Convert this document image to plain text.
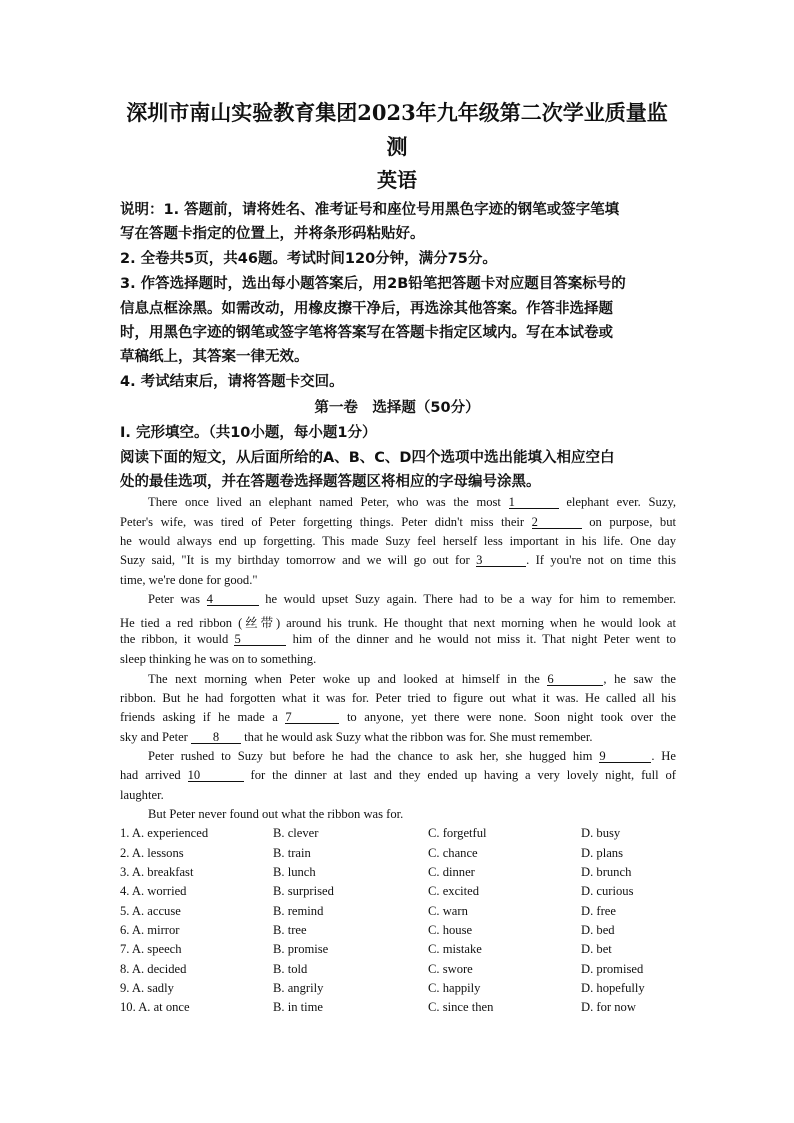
深圳市南山实验教育集团2023年九年级第二次学业质量监
测
英语
说明：1. 答题前，请将姓名、准考证号和座位号用黑色字迹的钢笔或签字笔填
写在答题卡指定的位置上，并将条形码粘贴好。
2. 全卷共5页，共46题。考试时间120分钟，满分75分。
3. 作答选择题时，选出每小题答案后，用2B铅笔把答题卡对应题目答案标号的
信息点框涂黑。如需改动，用橡皮擦干净后，再选涂其他答案。作答非选择题
时，用黑色字迹的钢笔或签字笔将答案写在答题卡指定区域内。写在本试卷或
草稿纸上，其答案一律无效。
4. 考试结束后，请将答题卡交回。
第一卷　选择题（50分）
Ⅰ. 完形填空。（共10小题，每小题1分）
阅读下面的短文，从后面所给的A、B、C、D四个选项中选出能填入相应空白
处的最佳选项，并在答题卷选择题答题区将相应的字母编号涂黑。
There once lived an elephant named Peter, who was the most 1	elephant ever. Suzy,
Peter's wife, was tired of Peter forgetting things. Peter didn't miss their 2	on purpose, but
he would always end up forgetting. This made Suzy feel herself less important in his life. One day
Suzy said, "It is my birthday tomorrow and we will go out for 3	. If you're not on time this
time, we're done for good."
Peter was 4	he would upset Suzy again. There had to be a way for him to remember.
He tied a red ribbon (丝带) around his trunk. He thought that next morning when he would look at
the ribbon, it would 5	him of the dinner and he would not miss it. That night Peter went to
sleep thinking he was on to something.
The next morning when Peter woke up and looked at himself in the 6	, he saw the
ribbon. But he had forgotten what it was for. Peter tried to figure out what it was. He called all his
friends asking if he made a 7	to anyone, yet there were none. Soon night took over the
sky and Peter 8 that he would ask Suzy what the ribbon was for. She must remember.
Peter rushed to Suzy but before he had the chance to ask her, she hugged him 9	. He
had arrived 10	for the dinner at last and they ended up having a very lovely night, full of
laughter.
But Peter never found out what the ribbon was for.
1. A. experienced	B. clever	C. forgetful	D. busy
2. A. lessons	B. train	C. chance	D. plans
3. A. breakfast	B. lunch	C. dinner	D. brunch
4. A. worried	B. surprised	C. excited	D. curious
5. A. accuse	B. remind	C. warn	D. free
6. A. mirror	B. tree	C. house	D. bed
7. A. speech	B. promise	C. mistake	D. bet
8. A. decided	B. told	C. swore	D. promised
9. A. sadly	B. angrily	C. happily	D. hopefully
10. A. at once	B. in time	C. since then	D. for now
